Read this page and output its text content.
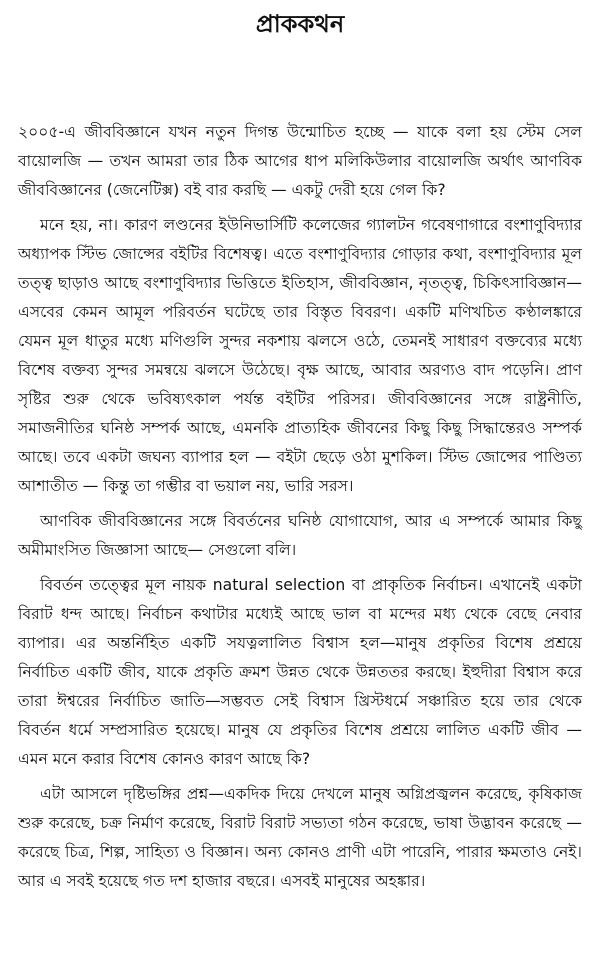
প্রাককথন

২০০৫-এ জীববিজ্ঞানে যখন নতুন দিগন্ত উন্মোচিত হচ্ছে — যাকে বলা হয় স্টেম সেল বায়োলজি — তখন আমরা তার ঠিক আগের ধাপ মলিকিউলার বায়োলজি অর্থাৎ আণবিক জীববিজ্ঞানের (জেনেটিক্স) বই বার করছি — একটু দেরী হয়ে গেল কি?

মনে হয়, না। কারণ লণ্ডনের ইউনিভার্সিটি কলেজের গ্যালটন গবেষণাগারে বংশাণুবিদ্যার অধ্যাপক স্টিভ জোন্সের বইটির বিশেষত্ব। এতে বংশাণুবিদ্যার গোড়ার কথা, বংশাণুবিদ্যার মূল তত্ত্ব ছাড়াও আছে বংশাণুবিদ্যার ভিত্তিতে ইতিহাস, জীববিজ্ঞান, নৃতত্ত্ব, চিকিৎসাবিজ্ঞান— এসবের কেমন আমূল পরিবর্তন ঘটেছে তার বিস্তৃত বিবরণ। একটি মণিখচিত কণ্ঠালঙ্কারে যেমন মূল ধাতুর মধ্যে মণিগুলি সুন্দর নকশায় ঝলসে ওঠে, তেমনই সাধারণ বক্তব্যের মধ্যে বিশেষ বক্তব্য সুন্দর সমন্বয়ে ঝলসে উঠেছে। বৃক্ষ আছে, আবার অরণ্যও বাদ পড়েনি। প্রাণ সৃষ্টির শুরু থেকে ভবিষ্যৎকাল পর্যন্ত বইটির পরিসর। জীববিজ্ঞানের সঙ্গে রাষ্ট্রনীতি, সমাজনীতির ঘনিষ্ঠ সম্পর্ক আছে, এমনকি প্রাত্যহিক জীবনের কিছু কিছু সিদ্ধান্তেরও সম্পর্ক আছে। তবে একটা জঘন্য ব্যাপার হল — বইটা ছেড়ে ওঠা মুশকিল। স্টিভ জোন্সের পাণ্ডিত্য আশাতীত — কিন্তু তা গম্ভীর বা ভয়াল নয়, ভারি সরস।

আণবিক জীববিজ্ঞানের সঙ্গে বিবর্তনের ঘনিষ্ঠ যোগাযোগ, আর এ সম্পর্কে আমার কিছু অমীমাংসিত জিজ্ঞাসা আছে— সেগুলো বলি।

বিবর্তন তত্ত্বের মূল নায়ক natural selection বা প্রাকৃতিক নির্বাচন। এখানেই একটা বিরাট ধন্দ আছে। নির্বাচন কথাটার মধ্যেই আছে ভাল বা মন্দের মধ্য থেকে বেছে নেবার ব্যাপার। এর অন্তর্নিহিত একটি সযত্নলালিত বিশ্বাস হল—মানুষ প্রকৃতির বিশেষ প্রশ্রয়ে নির্বাচিত একটি জীব, যাকে প্রকৃতি ক্রমশ উন্নত থেকে উন্নততর করছে। ইহুদীরা বিশ্বাস করে তারা ঈশ্বরের নির্বাচিত জাতি—সম্ভবত সেই বিশ্বাস খ্রিস্টধর্মে সঞ্চারিত হয়ে তার থেকে বিবর্তন ধর্মে সম্প্রসারিত হয়েছে। মানুষ যে প্রকৃতির বিশেষ প্রশ্রয়ে লালিত একটি জীব — এমন মনে করার বিশেষ কোনও কারণ আছে কি?

এটা আসলে দৃষ্টিভঙ্গির প্রশ্ন—একদিক দিয়ে দেখলে মানুষ অগ্নিপ্রজ্বলন করেছে, কৃষিকাজ শুরু করেছে, চক্র নির্মাণ করেছে, বিরাট বিরাট সভ্যতা গঠন করেছে, ভাষা উদ্ভাবন করেছে — করেছে চিত্র, শিল্প, সাহিত্য ও বিজ্ঞান। অন্য কোনও প্রাণী এটা পারেনি, পারার ক্ষমতাও নেই। আর এ সবই হয়েছে গত দশ হাজার বছরে। এসবই মানুষের অহঙ্কার।
